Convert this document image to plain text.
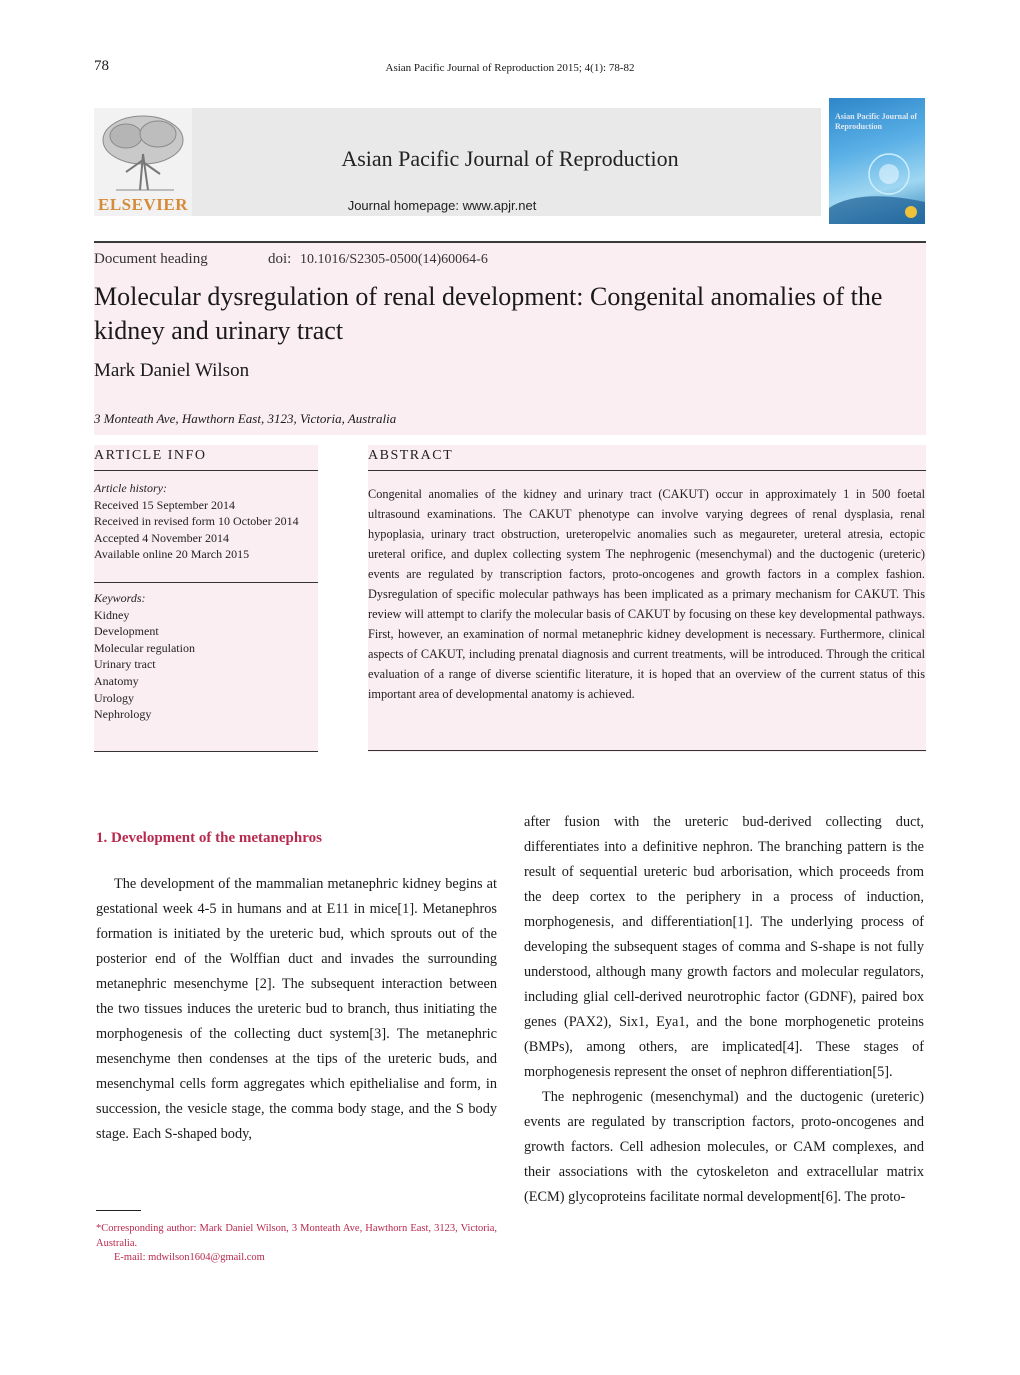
78	Asian Pacific Journal of Reproduction 2015; 4(1): 78-82
ELSEVIER
Asian Pacific Journal of Reproduction
Journal homepage: www.apjr.net
Asian Pacific Journal of Reproduction
Document heading	doi: 10.1016/S2305-0500(14)60064-6
Molecular dysregulation of renal development: Congenital anomalies of the kidney and urinary tract
Mark Daniel Wilson
3 Monteath Ave, Hawthorn East, 3123, Victoria, Australia
ARTICLE INFO	ABSTRACT
Article history:
Received 15 September 2014
Received in revised form 10 October 2014
Accepted 4 November 2014
Available online 20 March 2015
Keywords:
Kidney
Development
Molecular regulation
Urinary tract
Anatomy
Urology
Nephrology
Congenital anomalies of the kidney and urinary tract (CAKUT) occur in approximately 1 in 500 foetal ultrasound examinations. The CAKUT phenotype can involve varying degrees of renal dysplasia, renal hypoplasia, urinary tract obstruction, ureteropelvic anomalies such as megaureter, ureteral atresia, ectopic ureteral orifice, and duplex collecting system The nephrogenic (mesenchymal) and the ductogenic (ureteric) events are regulated by transcription factors, proto-oncogenes and growth factors in a complex fashion. Dysregulation of specific molecular pathways has been implicated as a primary mechanism for CAKUT. This review will attempt to clarify the molecular basis of CAKUT by focusing on these key developmental pathways. First, however, an examination of normal metanephric kidney development is necessary. Furthermore, clinical aspects of CAKUT, including prenatal diagnosis and current treatments, will be introduced. Through the critical evaluation of a range of diverse scientific literature, it is hoped that an overview of the current status of this important area of developmental anatomy is achieved.
1. Development of the metanephros

The development of the mammalian metanephric kidney begins at gestational week 4-5 in humans and at E11 in mice[1]. Metanephros formation is initiated by the ureteric bud, which sprouts out of the posterior end of the Wolffian duct and invades the surrounding metanephric mesenchyme [2]. The subsequent interaction between the two tissues induces the ureteric bud to branch, thus initiating the morphogenesis of the collecting duct system[3]. The metanephric mesenchyme then condenses at the tips of the ureteric buds, and mesenchymal cells form aggregates which epithelialise and form, in succession, the vesicle stage, the comma body stage, and the S body stage. Each S-shaped body,

after fusion with the ureteric bud-derived collecting duct, differentiates into a definitive nephron. The branching pattern is the result of sequential ureteric bud arborisation, which proceeds from the deep cortex to the periphery in a process of induction, morphogenesis, and differentiation[1]. The underlying process of developing the subsequent stages of comma and S-shape is not fully understood, although many growth factors and molecular regulators, including glial cell-derived neurotrophic factor (GDNF), paired box genes (PAX2), Six1, Eya1, and the bone morphogenetic proteins (BMPs), among others, are implicated[4]. These stages of morphogenesis represent the onset of nephron differentiation[5].

The nephrogenic (mesenchymal) and the ductogenic (ureteric) events are regulated by transcription factors, proto-oncogenes and growth factors. Cell adhesion molecules, or CAM complexes, and their associations with the cytoskeleton and extracellular matrix (ECM) glycoproteins facilitate normal development[6]. The proto-

*Corresponding author: Mark Daniel Wilson, 3 Monteath Ave, Hawthorn East, 3123, Victoria, Australia.
E-mail: mdwilson1604@gmail.com
